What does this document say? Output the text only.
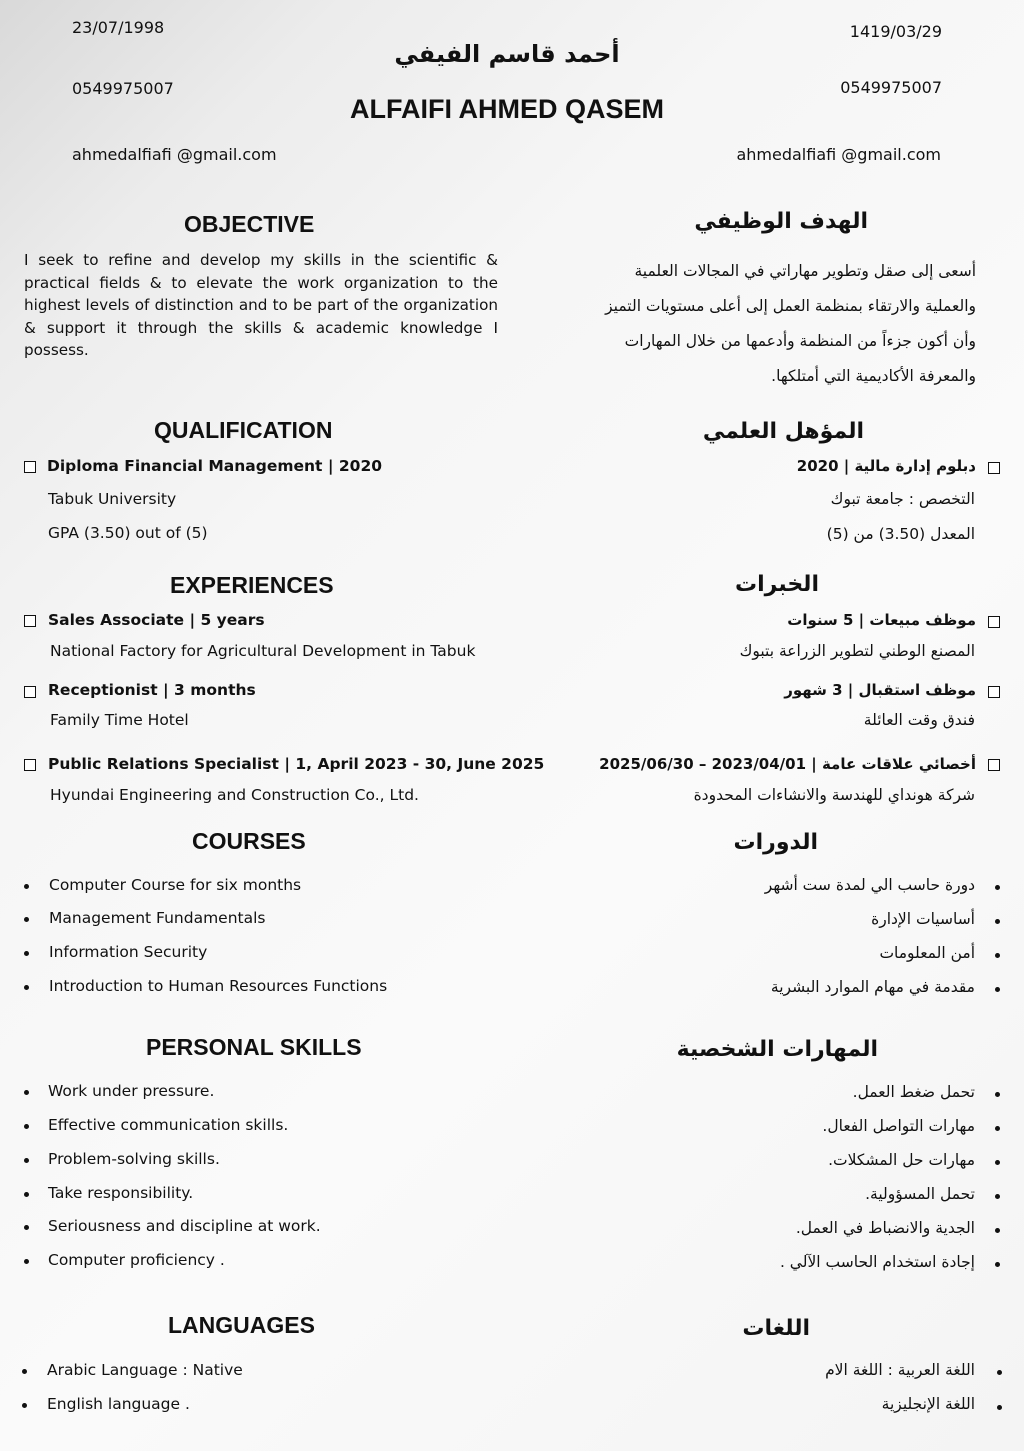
23/07/1998	1419/03/29
0549975007	0549975007
ahmedalfiafi @gmail.com	ahmedalfiafi @gmail.com
أحمد قاسم الفيفي
ALFAIFI AHMED QASEM
OBJECTIVE	الهدف الوظيفي
I seek to refine and develop my skills in the scientific & practical fields & to elevate the work organization to the highest levels of distinction and to be part of the organization & support it through the skills & academic knowledge I possess.
أسعى إلى صقل وتطوير مهاراتي في المجالات العلمية
والعملية والارتقاء بمنظمة العمل إلى أعلى مستويات التميز
وأن أكون جزءاً من المنظمة وأدعمها من خلال المهارات
والمعرفة الأكاديمية التي أمتلكها.
QUALIFICATION	المؤهل العلمي
Diploma Financial Management | 2020
Tabuk University
GPA (3.50) out of (5)
دبلوم إدارة مالية | 2020
التخصص : جامعة تبوك
المعدل (3.50) من (5)
EXPERIENCES	الخبرات
Sales Associate | 5 years
National Factory for Agricultural Development in Tabuk
موظف مبيعات | 5 سنوات
المصنع الوطني لتطوير الزراعة بتبوك
Receptionist | 3 months
Family Time Hotel
موظف استقبال | 3 شهور
فندق وقت العائلة
Public Relations Specialist | 1, April 2023 - 30, June 2025
Hyundai Engineering and Construction Co., Ltd.
أخصائي علاقات عامة | 2023/04/01 – 2025/06/30
شركة هونداي للهندسة والانشاءات المحدودة
COURSES	الدورات
Computer Course for six months
Management Fundamentals
Information Security
Introduction to Human Resources Functions
دورة حاسب الي لمدة ست أشهر
أساسيات الإدارة
أمن المعلومات
مقدمة في مهام الموارد البشرية
PERSONAL SKILLS	المهارات الشخصية
Work under pressure.
Effective communication skills.
Problem-solving skills.
Take responsibility.
Seriousness and discipline at work.
Computer proficiency .
تحمل ضغط العمل.
مهارات التواصل الفعال.
مهارات حل المشكلات.
تحمل المسؤولية.
الجدية والانضباط في العمل.
إجادة استخدام الحاسب الآلي .
LANGUAGES	اللغات
Arabic Language : Native
English language .
اللغة العربية : اللغة الام
اللغة الإنجليزية
